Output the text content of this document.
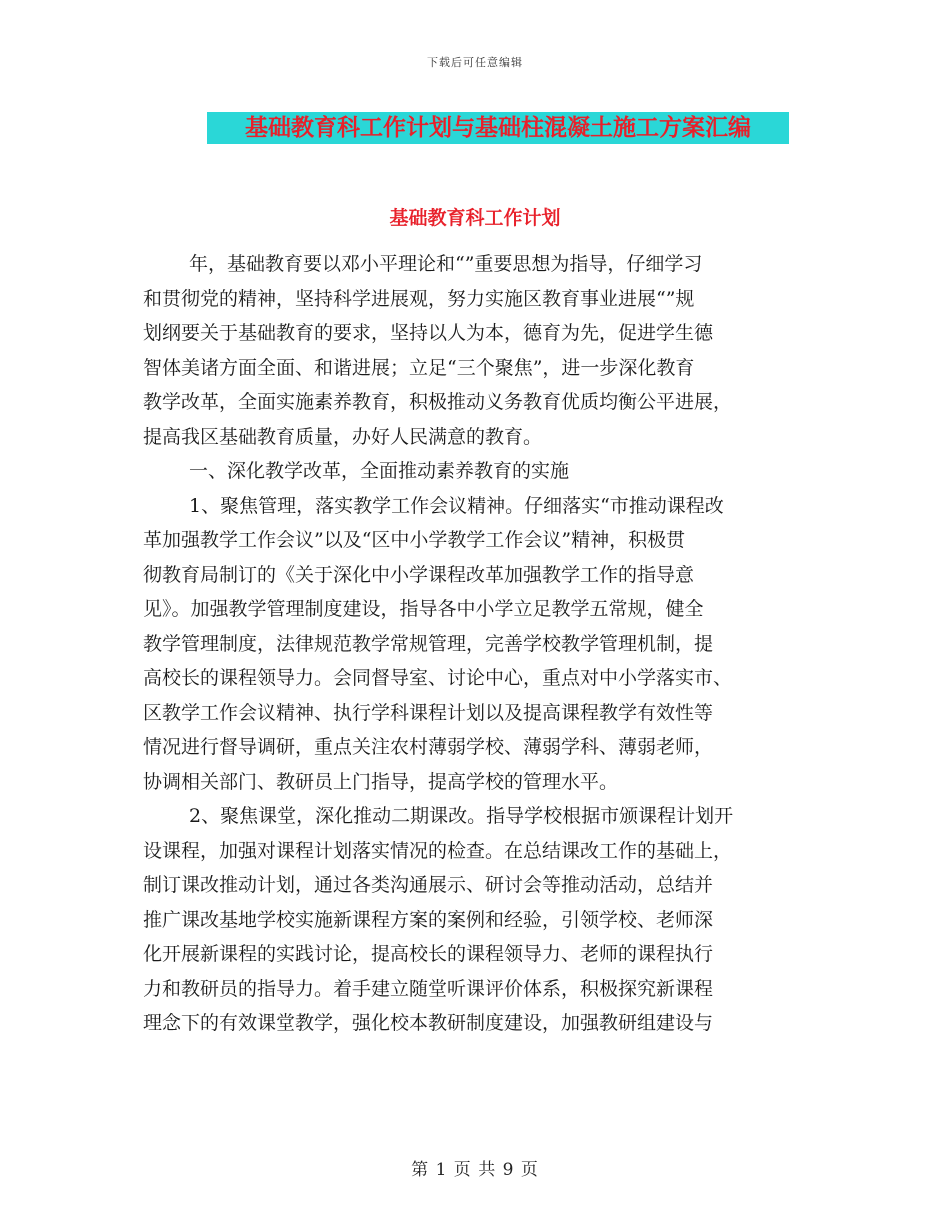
下载后可任意编辑
基础教育科工作计划与基础柱混凝土施工方案汇编
基础教育科工作计划
年，基础教育要以邓小平理论和“”重要思想为指导，仔细学习
和贯彻党的精神，坚持科学进展观，努力实施区教育事业进展“”规
划纲要关于基础教育的要求，坚持以人为本，德育为先，促进学生德
智体美诸方面全面、和谐进展；立足“三个聚焦”，进一步深化教育
教学改革，全面实施素养教育，积极推动义务教育优质均衡公平进展，
提高我区基础教育质量，办好人民满意的教育。
一、深化教学改革，全面推动素养教育的实施
1、聚焦管理，落实教学工作会议精神。仔细落实“市推动课程改
革加强教学工作会议”以及“区中小学教学工作会议”精神，积极贯
彻教育局制订的《关于深化中小学课程改革加强教学工作的指导意
见》。加强教学管理制度建设，指导各中小学立足教学五常规，健全
教学管理制度，法律规范教学常规管理，完善学校教学管理机制，提
高校长的课程领导力。会同督导室、讨论中心，重点对中小学落实市、
区教学工作会议精神、执行学科课程计划以及提高课程教学有效性等
情况进行督导调研，重点关注农村薄弱学校、薄弱学科、薄弱老师，
协调相关部门、教研员上门指导，提高学校的管理水平。
2、聚焦课堂，深化推动二期课改。指导学校根据市颁课程计划开
设课程，加强对课程计划落实情况的检查。在总结课改工作的基础上，
制订课改推动计划，通过各类沟通展示、研讨会等推动活动，总结并
推广课改基地学校实施新课程方案的案例和经验，引领学校、老师深
化开展新课程的实践讨论，提高校长的课程领导力、老师的课程执行
力和教研员的指导力。着手建立随堂听课评价体系，积极探究新课程
理念下的有效课堂教学，强化校本教研制度建设，加强教研组建设与
第 1 页 共 9 页
